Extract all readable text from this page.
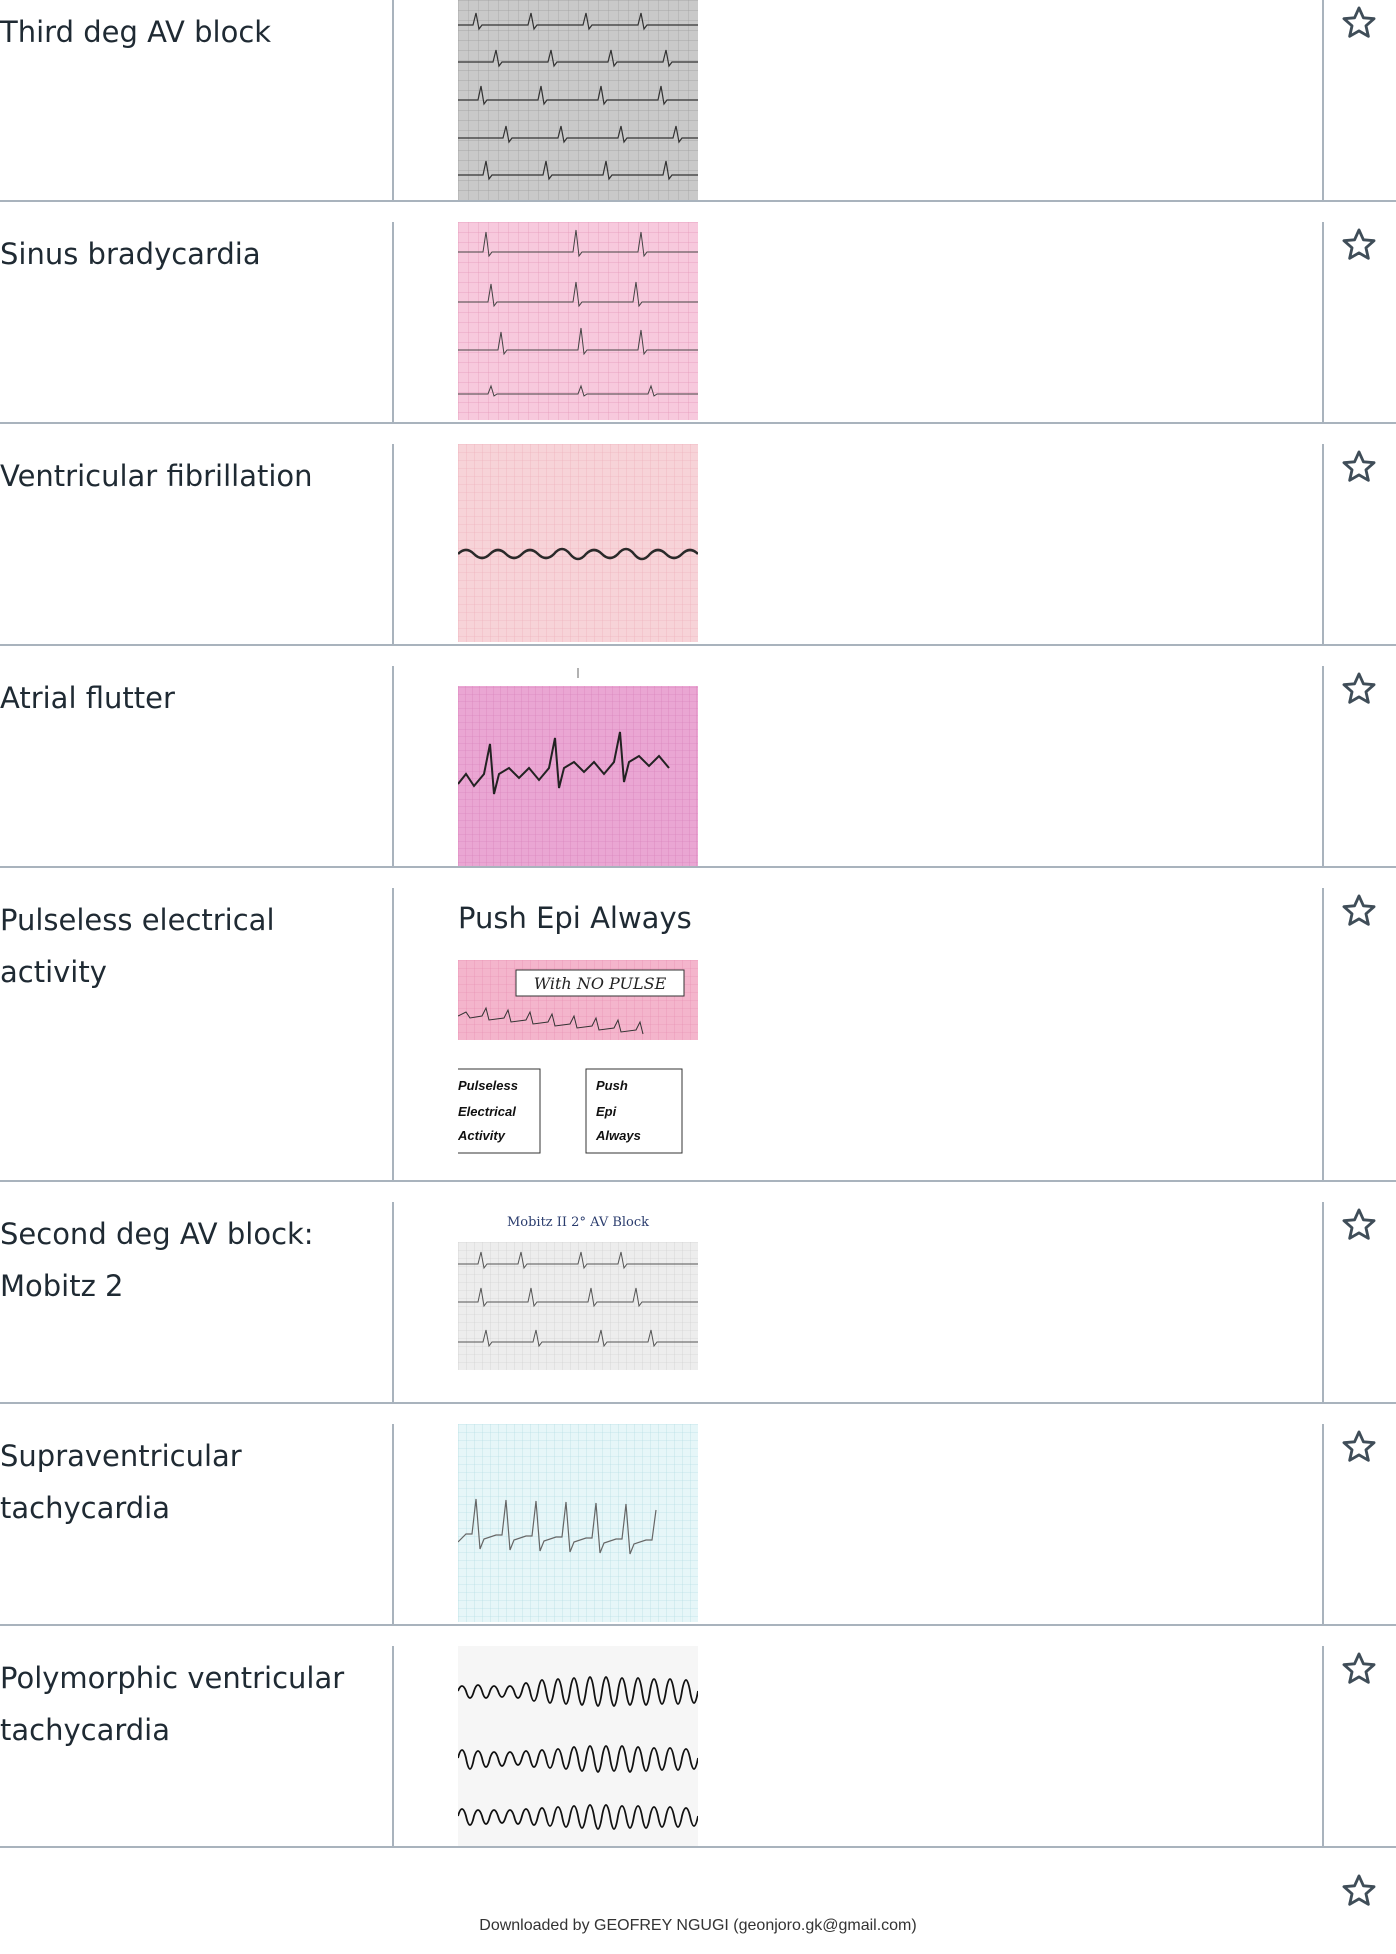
Third deg AV block
Sinus bradycardia
Ventricular fibrillation
Atrial flutter
Pulseless electrical activity
Push Epi Always
With NO PULSE
Pulseless
Electrical
Activity
Push
Epi
Always
Second deg AV block: Mobitz 2
Mobitz II 2° AV Block
Supraventricular tachycardia
Polymorphic ventricular tachycardia
Downloaded by GEOFREY NGUGI (geonjoro.gk@gmail.com)
